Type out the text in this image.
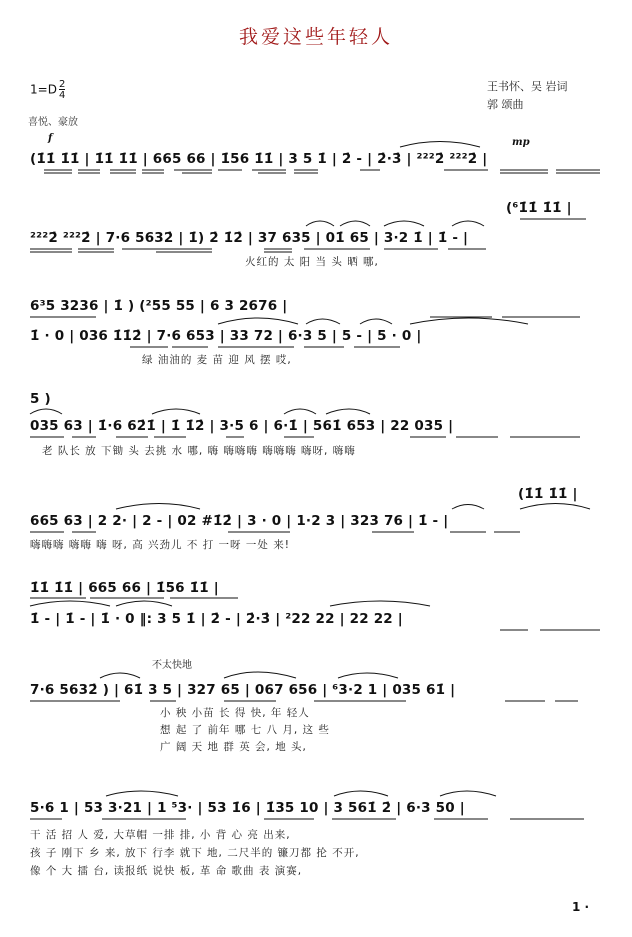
我爱这些年轻人
$1=D \frac{2}{4}$	王书怀、吴 岩词
郭 颂曲
喜悦、豪放
f	mp
(1̇1̇ 1̇1̇ | 1̇1̇ 1̇1̇ | 665 66 | 1̇56 1̇1̇ | 3 5 1̇ | 2̇ - | 2̇·3̇ | ²²²2̇ ²²²2̇ |
(⁶1̇1̇ 1̇1̇ |
²²²2̇ ²²²2̇ | 7·6 5632̇ | 1̇) 2̇ 1̇2̇ | 37 635 | 01̇ 65 | 3·2 1̇ | 1̇ - |
火红的 太 阳 当 头 晒 哪,
6³5 3236 | 1̇ ) (²55 55 | 6 3 2676 |
1̇ · 0 | 036 1̇1̇2̇ | 7·6 653 | 33 72 | 6·3 5 | 5 - | 5 · 0 |
绿 油油的 麦 苗 迎 风 摆 哎,
5 )
035 63 | 1̇·6 62̇1̇ | 1̇ 1̇2̇ | 3·5 6 | 6·1̇ | 561̇ 653 | 22 035 |
老 队长 放 下锄 头 去挑 水 哪, 嗨 嗨嗨嗨 嗨嗨嗨 嗨呀, 嗨嗨
(1̇1̇ 1̇1̇ |
665 63 | 2 2· | 2 - | 02 #1̇2̇ | 3 · 0 | 1·2 3 | 323 76 | 1̇ - |
嗨嗨嗨 嗨嗨 嗨 呀, 高 兴劲儿 不 打 一呀 一处 来!
1̇1̇ 1̇1̇ | 665 66 | 1̇56 1̇1̇ |
1̇ - | 1̇ - | 1̇ · 0 ‖: 3 5 1̇ | 2̇ - | 2̇·3̇ | ²22 22 | 22 22 |
不太快地
7·6 5632̇ ) | 61̇ 3 5 | 327 65 | 067 656 | ⁶3·2 1 | 035 61̇ |
小 秧 小苗 长 得 快, 年 轻人
想 起 了 前年 哪 七 八 月, 这 些
广 阔 天 地 群 英 会, 地 头,
5·6 1 | 53 3·21 | 1 ⁵3· | 53 1̇6 | 1̇35 10 | 3 561̇ 2̇ | 6·3 50 |
干 活 招 人 爱, 大草帽 一排 排, 小 背 心 亮 出来,
孩 子 刚下 乡 来, 放下 行李 就下 地, 二尺半的 镰刀都 抡 不开,
像 个 大 擂 台, 读报纸 说快 板, 革 命 歌曲 表 演赛,
1 ·
